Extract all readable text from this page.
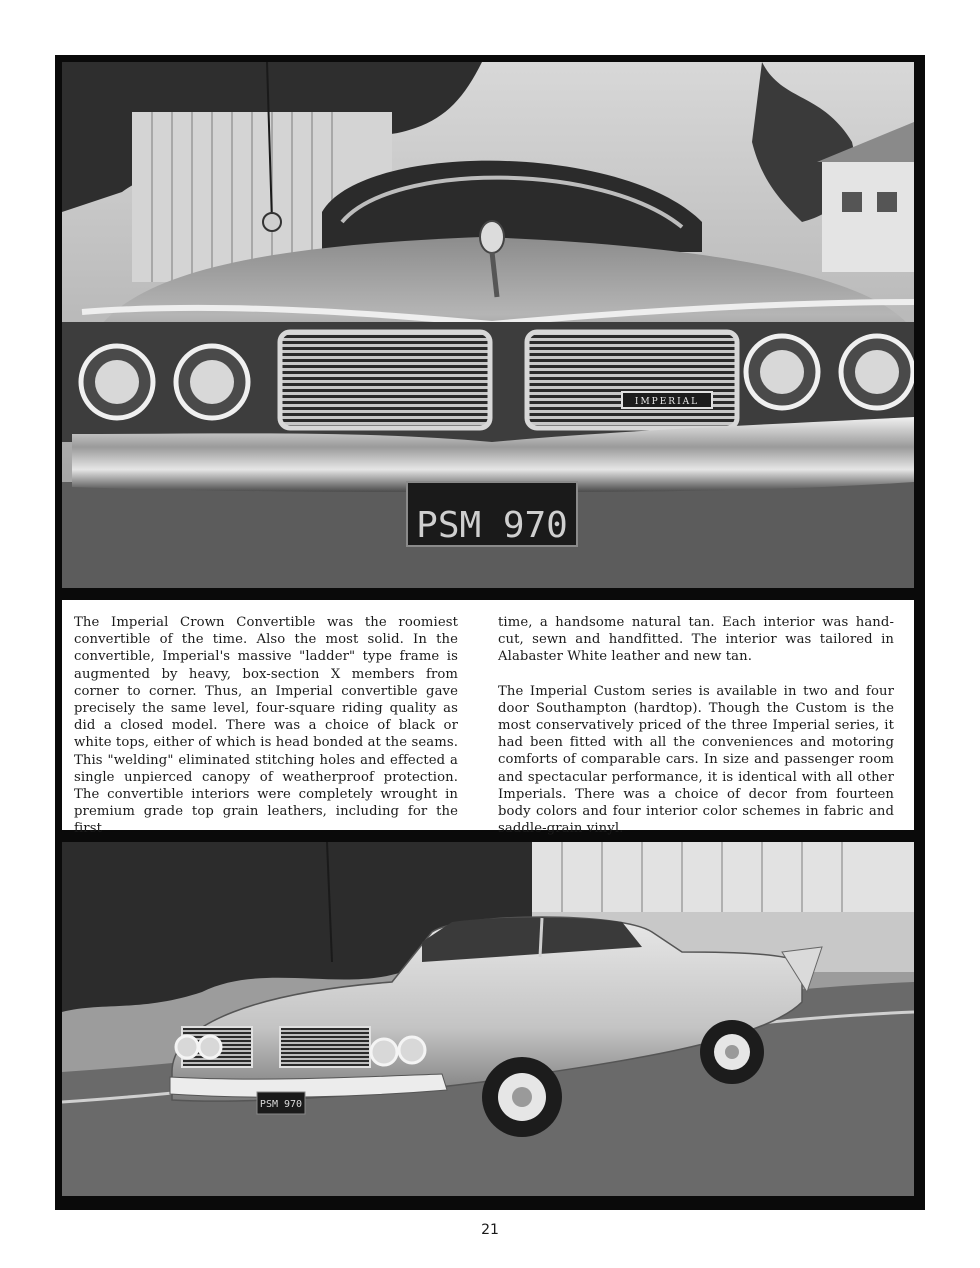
IMPERIAL
PSM 970

The Imperial Crown Convertible was the roomiest convertible of the time. Also the most solid. In the convertible, Imperial's massive "ladder" type frame is augmented by heavy, box-section X members from corner to corner. Thus, an Imperial convertible gave precisely the same level, four-square riding quality as did a closed model. There was a choice of black or white tops, either of which is head bonded at the seams. This "welding" eliminated stitching holes and effected a single unpierced canopy of weatherproof protection. The convertible interiors were completely wrought in premium grade top grain leathers, including for the first

time, a handsome natural tan. Each interior was hand-cut, sewn and handfitted. The interior was tailored in Alabaster White leather and new tan.

The Imperial Custom series is available in two and four door Southampton (hardtop). Though the Custom is the most conservatively priced of the three Imperial series, it had been fitted with all the conveniences and motoring comforts of comparable cars. In size and passenger room and spectacular performance, it is identical with all other Imperials. There was a choice of decor from fourteen body colors and four interior color schemes in fabric and saddle-grain vinyl.

PSM 970
21
